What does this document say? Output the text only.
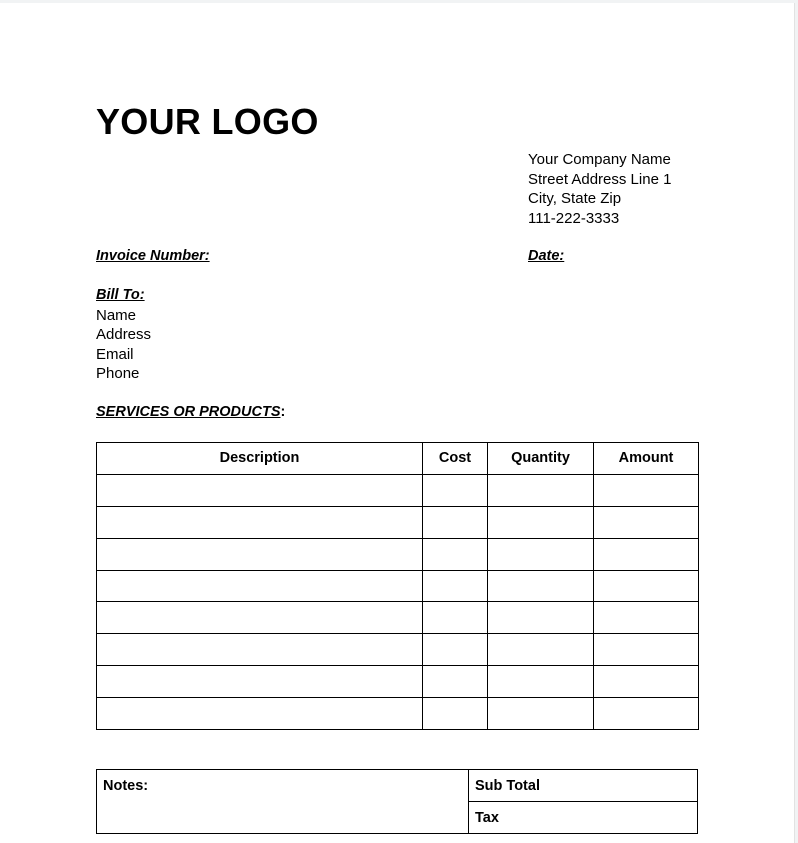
YOUR LOGO
Your Company Name
Street Address Line 1
City, State Zip
111-222-3333
Invoice Number:	Date:
Bill To:
Name
Address
Email
Phone
SERVICES OR PRODUCTS:
Description	Cost	Quantity	Amount

Notes:	Sub Total
Tax
